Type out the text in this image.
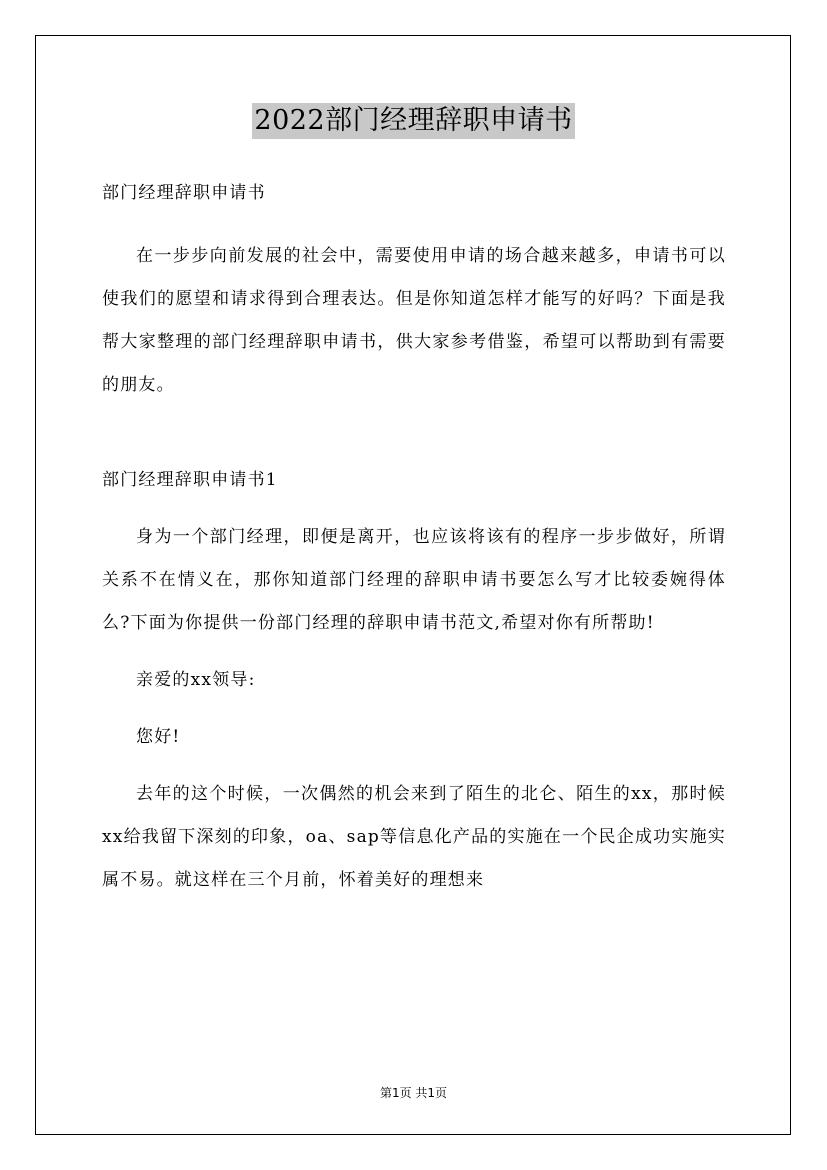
2022部门经理辞职申请书
部门经理辞职申请书

在一步步向前发展的社会中，需要使用申请的场合越来越多，申请书可以使我们的愿望和请求得到合理表达。但是你知道怎样才能写的好吗？下面是我帮大家整理的部门经理辞职申请书，供大家参考借鉴，希望可以帮助到有需要的朋友。

部门经理辞职申请书1

身为一个部门经理，即便是离开，也应该将该有的程序一步步做好，所谓关系不在情义在，那你知道部门经理的辞职申请书要怎么写才比较委婉得体么?下面为你提供一份部门经理的辞职申请书范文,希望对你有所帮助!

亲爱的xx领导:

您好!

去年的这个时候，一次偶然的机会来到了陌生的北仑、陌生的xx，那时候xx给我留下深刻的印象，oa、sap等信息化产品的实施在一个民企成功实施实属不易。就这样在三个月前，怀着美好的理想来

第1页 共1页
